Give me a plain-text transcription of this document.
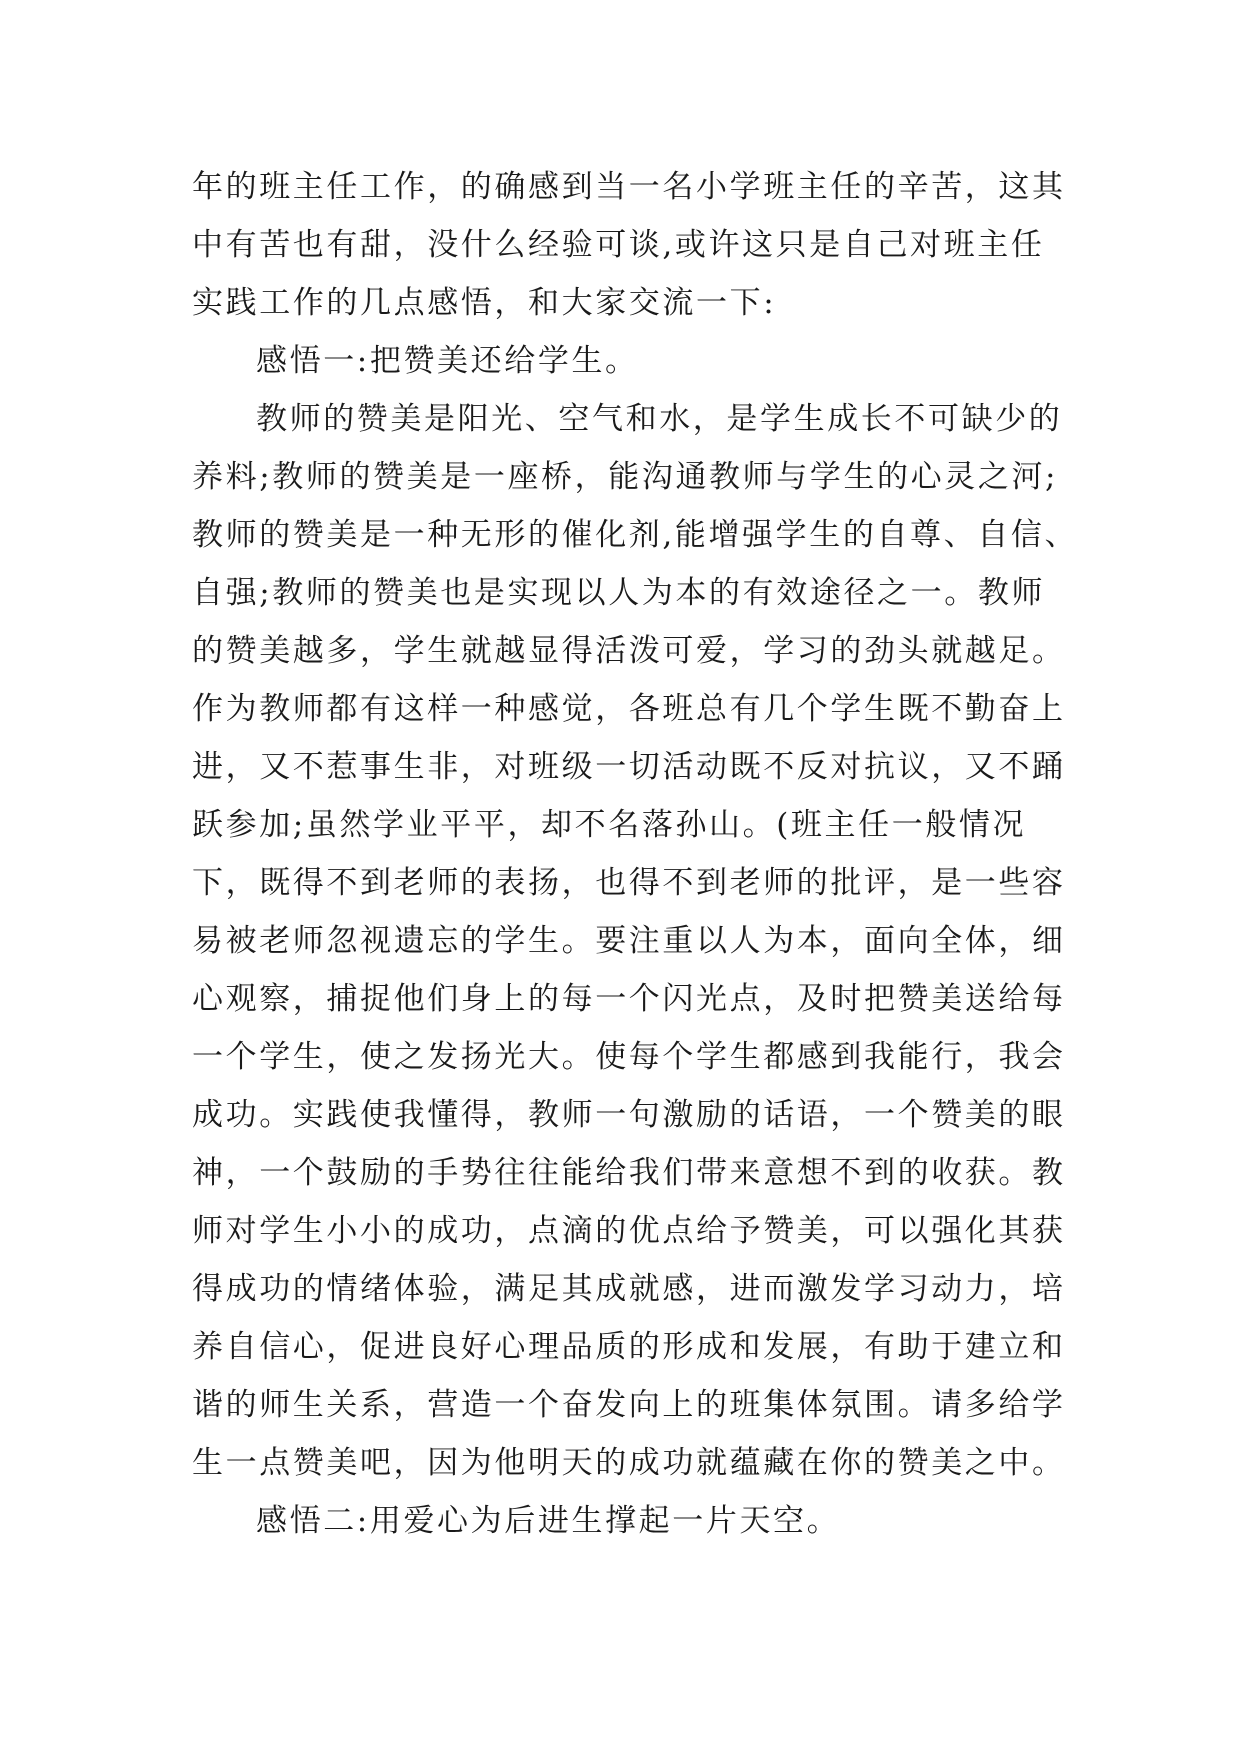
年的班主任工作，的确感到当一名小学班主任的辛苦，这其
中有苦也有甜，没什么经验可谈,或许这只是自己对班主任
实践工作的几点感悟，和大家交流一下:
感悟一:把赞美还给学生。
教师的赞美是阳光、空气和水，是学生成长不可缺少的
养料;教师的赞美是一座桥，能沟通教师与学生的心灵之河;
教师的赞美是一种无形的催化剂,能增强学生的自尊、自信、
自强;教师的赞美也是实现以人为本的有效途径之一。教师
的赞美越多，学生就越显得活泼可爱，学习的劲头就越足。
作为教师都有这样一种感觉，各班总有几个学生既不勤奋上
进，又不惹事生非，对班级一切活动既不反对抗议，又不踊
跃参加;虽然学业平平，却不名落孙山。(班主任一般情况
下，既得不到老师的表扬，也得不到老师的批评，是一些容
易被老师忽视遗忘的学生。要注重以人为本，面向全体，细
心观察，捕捉他们身上的每一个闪光点，及时把赞美送给每
一个学生，使之发扬光大。使每个学生都感到我能行，我会
成功。实践使我懂得，教师一句激励的话语，一个赞美的眼
神，一个鼓励的手势往往能给我们带来意想不到的收获。教
师对学生小小的成功，点滴的优点给予赞美，可以强化其获
得成功的情绪体验，满足其成就感，进而激发学习动力，培
养自信心，促进良好心理品质的形成和发展，有助于建立和
谐的师生关系，营造一个奋发向上的班集体氛围。请多给学
生一点赞美吧，因为他明天的成功就蕴藏在你的赞美之中。
感悟二:用爱心为后进生撑起一片天空。
